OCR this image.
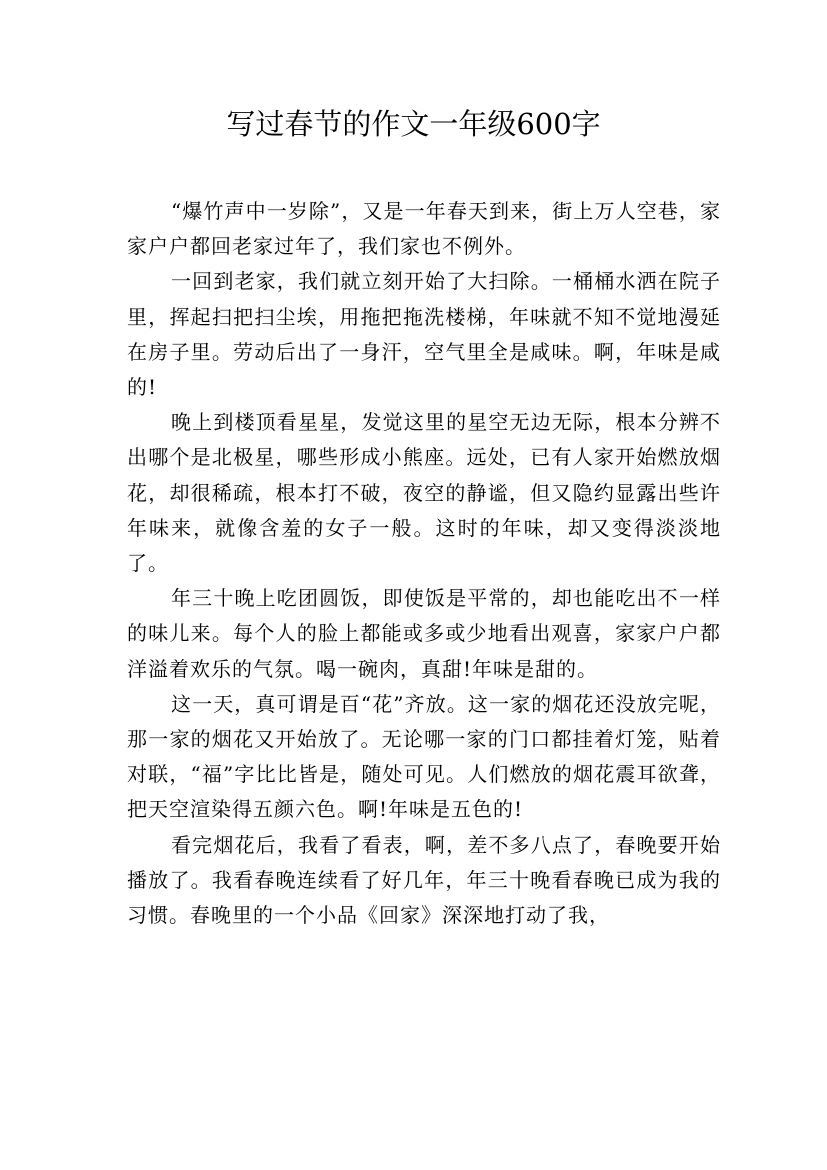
写过春节的作文一年级600字

“爆竹声中一岁除”，又是一年春天到来，街上万人空巷，家家户户都回老家过年了，我们家也不例外。

一回到老家，我们就立刻开始了大扫除。一桶桶水洒在院子里，挥起扫把扫尘埃，用拖把拖洗楼梯，年味就不知不觉地漫延在房子里。劳动后出了一身汗，空气里全是咸味。啊，年味是咸的!

晚上到楼顶看星星，发觉这里的星空无边无际，根本分辨不出哪个是北极星，哪些形成小熊座。远处，已有人家开始燃放烟花，却很稀疏，根本打不破，夜空的静谧，但又隐约显露出些许年味来，就像含羞的女子一般。这时的年味，却又变得淡淡地了。

年三十晚上吃团圆饭，即使饭是平常的，却也能吃出不一样的味儿来。每个人的脸上都能或多或少地看出观喜，家家户户都洋溢着欢乐的气氛。喝一碗肉，真甜!年味是甜的。

这一天，真可谓是百“花”齐放。这一家的烟花还没放完呢，那一家的烟花又开始放了。无论哪一家的门口都挂着灯笼，贴着对联，“福”字比比皆是，随处可见。人们燃放的烟花震耳欲聋，把天空渲染得五颜六色。啊!年味是五色的!

看完烟花后，我看了看表，啊，差不多八点了，春晚要开始播放了。我看春晚连续看了好几年，年三十晚看春晚已成为我的习惯。春晚里的一个小品《回家》深深地打动了我，
